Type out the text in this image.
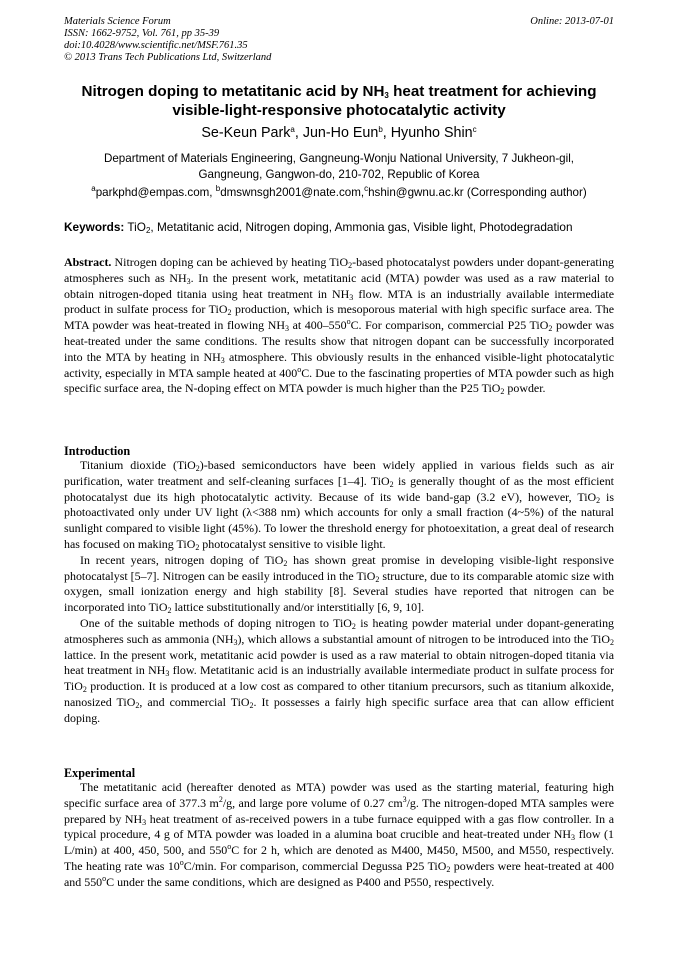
Materials Science Forum
ISSN: 1662-9752, Vol. 761, pp 35-39
doi:10.4028/www.scientific.net/MSF.761.35
© 2013 Trans Tech Publications Ltd, Switzerland
Online: 2013-07-01
Nitrogen doping to metatitanic acid by $NH_3$ heat treatment for achieving
visible-light-responsive photocatalytic activity
Se-Keun Park$^a$, Jun-Ho Eun$^b$, Hyunho Shin$^c$
Department of Materials Engineering, Gangneung-Wonju National University, 7 Jukheon-gil,
Gangneung, Gangwon-do, 210-702, Republic of Korea
$^a$parkphd@empas.com, $^b$dmswnsgh2001@nate.com,$^c$hshin@gwnu.ac.kr (Corresponding author)
Keywords: TiO$_2$, Metatitanic acid, Nitrogen doping, Ammonia gas, Visible light, Photodegradation

Abstract. Nitrogen doping can be achieved by heating TiO$_2$-based photocatalyst powders under dopant-generating atmospheres such as $NH_3$. In the present work, metatitanic acid (MTA) powder was used as a raw material to obtain nitrogen-doped titania using heat treatment in $NH_3$ flow. MTA is an industrially available intermediate product in sulfate process for TiO$_2$ production, which is mesoporous material with high specific surface area. The MTA powder was heat-treated in flowing $NH_3$ at 400–550$^o$C. For comparison, commercial P25 TiO$_2$ powder was heat-treated under the same conditions. The results show that nitrogen dopant can be successfully incorporated into the MTA by heating in $NH_3$ atmosphere. This obviously results in the enhanced visible-light photocatalytic activity, especially in MTA sample heated at 400$^o$C. Due to the fascinating properties of MTA powder such as high specific surface area, the N-doping effect on MTA powder is much higher than the P25 TiO$_2$ powder.

Introduction

Titanium dioxide (TiO$_2$)-based semiconductors have been widely applied in various fields such as air purification, water treatment and self-cleaning surfaces [1–4]. TiO$_2$ is generally thought of as the most efficient photocatalyst due its high photocatalytic activity. Because of its wide band-gap (3.2 eV), however, TiO$_2$ is photoactivated only under UV light (λ<388 nm) which accounts for only a small fraction (4~5%) of the natural sunlight compared to visible light (45%). To lower the threshold energy for photoexitation, a great deal of research has focused on making TiO$_2$ photocatalyst sensitive to visible light.

In recent years, nitrogen doping of TiO$_2$ has shown great promise in developing visible-light responsive photocatalyst [5–7]. Nitrogen can be easily introduced in the TiO$_2$ structure, due to its comparable atomic size with oxygen, small ionization energy and high stability [8]. Several studies have reported that nitrogen can be incorporated into TiO$_2$ lattice substitutionally and/or interstitially [6, 9, 10].

One of the suitable methods of doping nitrogen to TiO$_2$ is heating powder material under dopant-generating atmospheres such as ammonia $(NH_3)$, which allows a substantial amount of nitrogen to be introduced into the TiO$_2$ lattice. In the present work, metatitanic acid powder is used as a raw material to obtain nitrogen-doped titania via heat treatment in $NH_3$ flow. Metatitanic acid is an industrially available intermediate product in sulfate process for TiO$_2$ production. It is produced at a low cost as compared to other titanium precursors, such as titanium alkoxide, nanosized TiO$_2$, and commercial TiO$_2$. It possesses a fairly high specific surface area that can allow efficient doping.

Experimental

The metatitanic acid (hereafter denoted as MTA) powder was used as the starting material, featuring high specific surface area of 377.3 $m^2/g$, and large pore volume of 0.27 $cm^3/g$. The nitrogen-doped MTA samples were prepared by $NH_3$ heat treatment of as-received powers in a tube furnace equipped with a gas flow controller. In a typical procedure, 4 g of MTA powder was loaded in a alumina boat crucible and heat-treated under $NH_3$ flow (1 L/min) at 400, 450, 500, and 550$^o$C for 2 h, which are denoted as M400, M450, M500, and M550, respectively. The heating rate was 10$^o$C/min. For comparison, commercial Degussa P25 TiO$_2$ powders were heat-treated at 400 and 550$^o$C under the same conditions, which are designed as P400 and P550, respectively.
